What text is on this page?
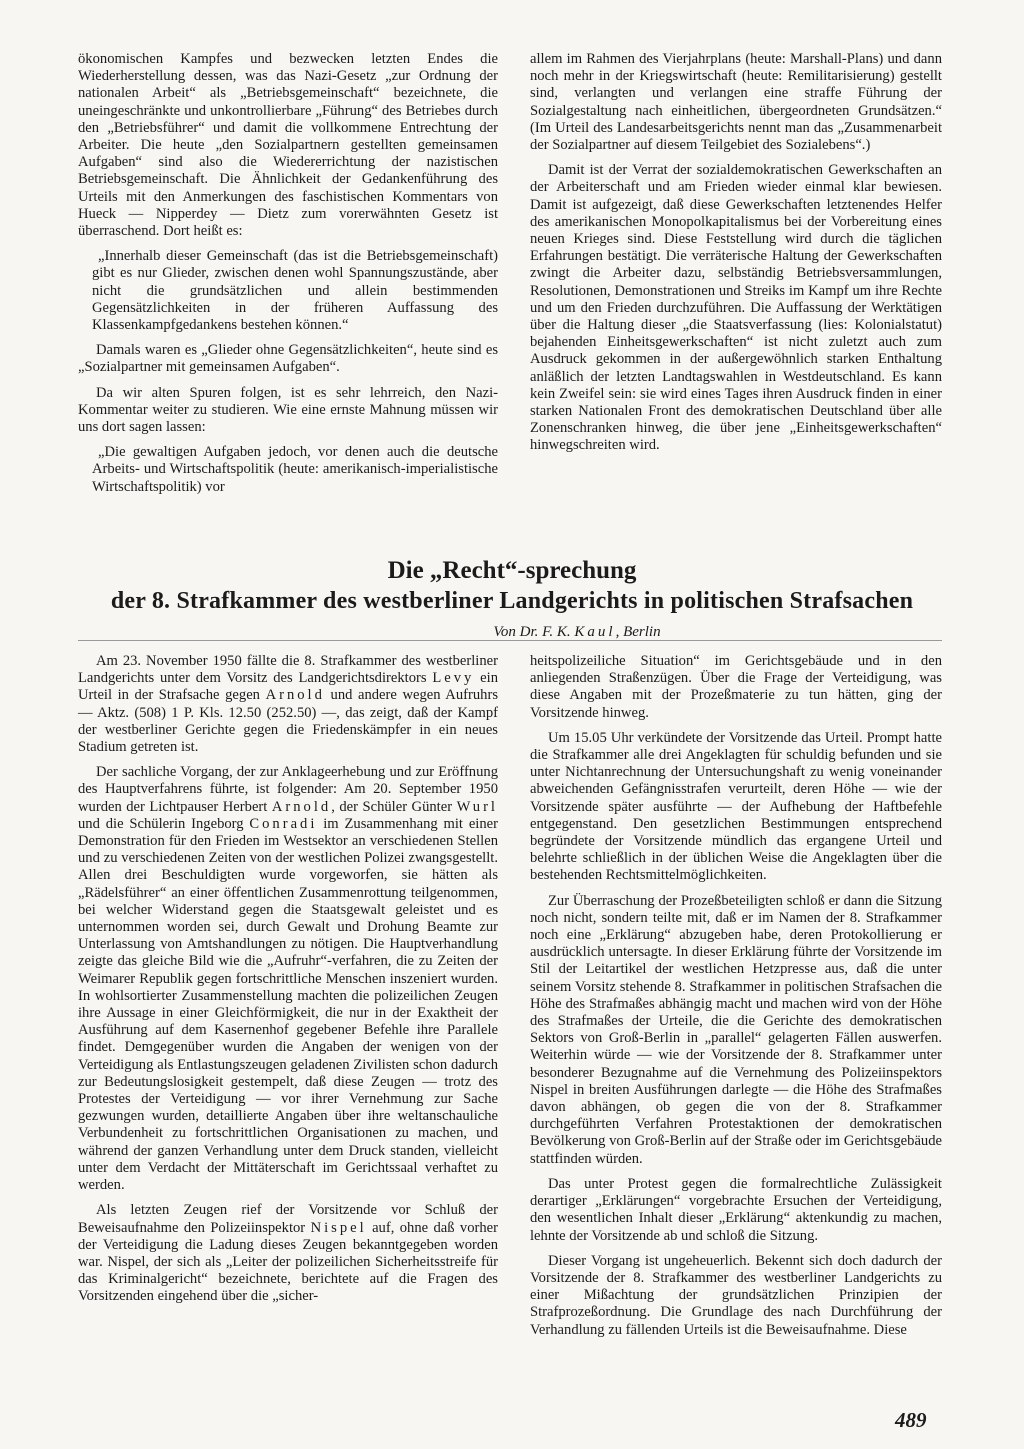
ökonomischen Kampfes und bezwecken letzten Endes die Wiederherstellung dessen, was das Nazi-Gesetz „zur Ordnung der nationalen Arbeit“ als „Betriebsgemeinschaft“ bezeichnete, die uneingeschränkte und unkontrollierbare „Führung“ des Betriebes durch den „Betriebsführer“ und damit die vollkommene Entrechtung der Arbeiter. Die heute „den Sozialpartnern gestellten gemeinsamen Aufgaben“ sind also die Wiedererrichtung der nazistischen Betriebsgemeinschaft. Die Ähnlichkeit der Gedankenführung des Urteils mit den Anmerkungen des faschistischen Kommentars von Hueck — Nipperdey — Dietz zum vorerwähnten Gesetz ist überraschend. Dort heißt es:

„Innerhalb dieser Gemeinschaft (das ist die Betriebsgemeinschaft) gibt es nur Glieder, zwischen denen wohl Spannungszustände, aber nicht die grundsätzlichen und allein bestimmenden Gegensätzlichkeiten in der früheren Auffassung des Klassenkampfgedankens bestehen können.“

Damals waren es „Glieder ohne Gegensätzlichkeiten“, heute sind es „Sozialpartner mit gemeinsamen Aufgaben“.

Da wir alten Spuren folgen, ist es sehr lehrreich, den Nazi-Kommentar weiter zu studieren. Wie eine ernste Mahnung müssen wir uns dort sagen lassen:

„Die gewaltigen Aufgaben jedoch, vor denen auch die deutsche Arbeits- und Wirtschaftspolitik (heute: amerikanisch-imperialistische Wirtschaftspolitik) vor

allem im Rahmen des Vierjahrplans (heute: Marshall-Plans) und dann noch mehr in der Kriegswirtschaft (heute: Remilitarisierung) gestellt sind, verlangten und verlangen eine straffe Führung der Sozialgestaltung nach einheitlichen, übergeordneten Grundsätzen.“ (Im Urteil des Landesarbeitsgerichts nennt man das „Zusammenarbeit der Sozialpartner auf diesem Teilgebiet des Sozialebens“.)

Damit ist der Verrat der sozialdemokratischen Gewerkschaften an der Arbeiterschaft und am Frieden wieder einmal klar bewiesen. Damit ist aufgezeigt, daß diese Gewerkschaften letztenendes Helfer des amerikanischen Monopolkapitalismus bei der Vorbereitung eines neuen Krieges sind. Diese Feststellung wird durch die täglichen Erfahrungen bestätigt. Die verräterische Haltung der Gewerkschaften zwingt die Arbeiter dazu, selbständig Betriebsversammlungen, Resolutionen, Demonstrationen und Streiks im Kampf um ihre Rechte und um den Frieden durchzuführen. Die Auffassung der Werktätigen über die Haltung dieser „die Staatsverfassung (lies: Kolonialstatut) bejahenden Einheitsgewerkschaften“ ist nicht zuletzt auch zum Ausdruck gekommen in der außergewöhnlich starken Enthaltung anläßlich der letzten Landtagswahlen in Westdeutschland. Es kann kein Zweifel sein: sie wird eines Tages ihren Ausdruck finden in einer starken Nationalen Front des demokratischen Deutschland über alle Zonenschranken hinweg, die über jene „Einheitsgewerkschaften“ hinwegschreiten wird.

Die „Recht“-sprechung
der 8. Strafkammer des westberliner Landgerichts in politischen Strafsachen
Von Dr. F. K. Kaul, Berlin

Am 23. November 1950 fällte die 8. Strafkammer des westberliner Landgerichts unter dem Vorsitz des Landgerichtsdirektors Levy ein Urteil in der Strafsache gegen Arnold und andere wegen Aufruhrs — Aktz. (508) 1 P. Kls. 12.50 (252.50) —, das zeigt, daß der Kampf der westberliner Gerichte gegen die Friedenskämpfer in ein neues Stadium getreten ist.

Der sachliche Vorgang, der zur Anklageerhebung und zur Eröffnung des Hauptverfahrens führte, ist folgender: Am 20. September 1950 wurden der Lichtpauser Herbert Arnold, der Schüler Günter Wurl und die Schülerin Ingeborg Conradi im Zusammenhang mit einer Demonstration für den Frieden im Westsektor an verschiedenen Stellen und zu verschiedenen Zeiten von der westlichen Polizei zwangsgestellt. Allen drei Beschuldigten wurde vorgeworfen, sie hätten als „Rädelsführer“ an einer öffentlichen Zusammenrottung teilgenommen, bei welcher Widerstand gegen die Staatsgewalt geleistet und es unternommen worden sei, durch Gewalt und Drohung Beamte zur Unterlassung von Amtshandlungen zu nötigen. Die Hauptverhandlung zeigte das gleiche Bild wie die „Aufruhr“-verfahren, die zu Zeiten der Weimarer Republik gegen fortschrittliche Menschen inszeniert wurden. In wohlsortierter Zusammenstellung machten die polizeilichen Zeugen ihre Aussage in einer Gleichförmigkeit, die nur in der Exaktheit der Ausführung auf dem Kasernenhof gegebener Befehle ihre Parallele findet. Demgegenüber wurden die Angaben der wenigen von der Verteidigung als Entlastungszeugen geladenen Zivilisten schon dadurch zur Bedeutungslosigkeit gestempelt, daß diese Zeugen — trotz des Protestes der Verteidigung — vor ihrer Vernehmung zur Sache gezwungen wurden, detaillierte Angaben über ihre weltanschauliche Verbundenheit zu fortschrittlichen Organisationen zu machen, und während der ganzen Verhandlung unter dem Druck standen, vielleicht unter dem Verdacht der Mittäterschaft im Gerichtssaal verhaftet zu werden.

Als letzten Zeugen rief der Vorsitzende vor Schluß der Beweisaufnahme den Polizeiinspektor Nispel auf, ohne daß vorher der Verteidigung die Ladung dieses Zeugen bekanntgegeben worden war. Nispel, der sich als „Leiter der polizeilichen Sicherheitsstreife für das Kriminalgericht“ bezeichnete, berichtete auf die Fragen des Vorsitzenden eingehend über die „sicher-

heitspolizeiliche Situation“ im Gerichtsgebäude und in den anliegenden Straßenzügen. Über die Frage der Verteidigung, was diese Angaben mit der Prozeßmaterie zu tun hätten, ging der Vorsitzende hinweg.

Um 15.05 Uhr verkündete der Vorsitzende das Urteil. Prompt hatte die Strafkammer alle drei Angeklagten für schuldig befunden und sie unter Nichtanrechnung der Untersuchungshaft zu wenig voneinander abweichenden Gefängnisstrafen verurteilt, deren Höhe — wie der Vorsitzende später ausführte — der Aufhebung der Haftbefehle entgegenstand. Den gesetzlichen Bestimmungen entsprechend begründete der Vorsitzende mündlich das ergangene Urteil und belehrte schließlich in der üblichen Weise die Angeklagten über die bestehenden Rechtsmittelmöglichkeiten.

Zur Überraschung der Prozeßbeteiligten schloß er dann die Sitzung noch nicht, sondern teilte mit, daß er im Namen der 8. Strafkammer noch eine „Erklärung“ abzugeben habe, deren Protokollierung er ausdrücklich untersagte. In dieser Erklärung führte der Vorsitzende im Stil der Leitartikel der westlichen Hetzpresse aus, daß die unter seinem Vorsitz stehende 8. Strafkammer in politischen Strafsachen die Höhe des Strafmaßes abhängig macht und machen wird von der Höhe des Strafmaßes der Urteile, die die Gerichte des demokratischen Sektors von Groß-Berlin in „parallel“ gelagerten Fällen auswerfen. Weiterhin würde — wie der Vorsitzende der 8. Strafkammer unter besonderer Bezugnahme auf die Vernehmung des Polizeiinspektors Nispel in breiten Ausführungen darlegte — die Höhe des Strafmaßes davon abhängen, ob gegen die von der 8. Strafkammer durchgeführten Verfahren Protestaktionen der demokratischen Bevölkerung von Groß-Berlin auf der Straße oder im Gerichtsgebäude stattfinden würden.

Das unter Protest gegen die formalrechtliche Zulässigkeit derartiger „Erklärungen“ vorgebrachte Ersuchen der Verteidigung, den wesentlichen Inhalt dieser „Erklärung“ aktenkundig zu machen, lehnte der Vorsitzende ab und schloß die Sitzung.

Dieser Vorgang ist ungeheuerlich. Bekennt sich doch dadurch der Vorsitzende der 8. Strafkammer des westberliner Landgerichts zu einer Mißachtung der grundsätzlichen Prinzipien der Strafprozeßordnung. Die Grundlage des nach Durchführung der Verhandlung zu fällenden Urteils ist die Beweisaufnahme. Diese

489
